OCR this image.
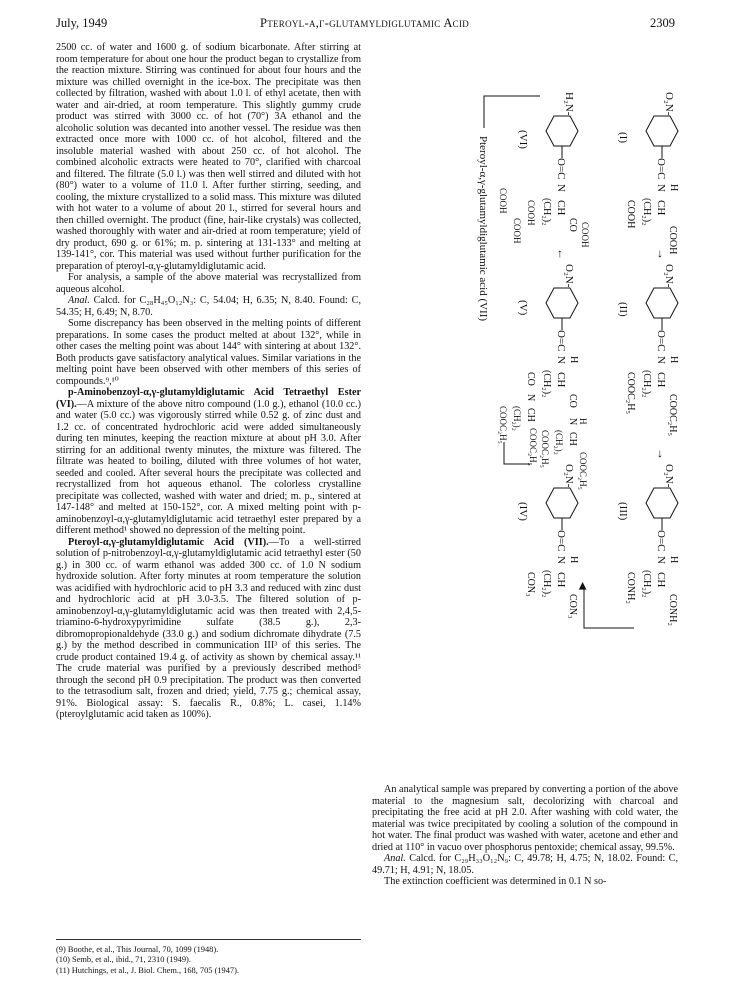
July, 1949	Pteroyl-α,γ-glutamyldiglutamic Acid	2309

2500 cc. of water and 1600 g. of sodium bicarbonate. After stirring at room temperature for about one hour the product began to crystallize from the reaction mixture. Stirring was continued for about four hours and the mixture was chilled overnight in the ice-box. The precipitate was then collected by filtration, washed with about 1.0 l. of ethyl acetate, then with water and air-dried, at room temperature. This slightly gummy crude product was stirred with 3000 cc. of hot (70°) 3A ethanol and the alcoholic solution was decanted into another vessel. The residue was then extracted once more with 1000 cc. of hot alcohol, filtered and the insoluble material washed with about 250 cc. of hot alcohol. The combined alcoholic extracts were heated to 70°, clarified with charcoal and filtered. The filtrate (5.0 l.) was then well stirred and diluted with hot (80°) water to a volume of 11.0 l. After further stirring, seeding, and cooling, the mixture crystallized to a solid mass. This mixture was diluted with hot water to a volume of about 20 l., stirred for several hours and then chilled overnight. The product (fine, hair-like crystals) was collected, washed thoroughly with water and air-dried at room temperature; yield of dry product, 690 g. or 61%; m. p. sintering at 131-133° and melting at 139-141°, cor. This material was used without further purification for the preparation of pteroyl-α,γ-glutamyldiglutamic acid.

For analysis, a sample of the above material was recrystallized from aqueous alcohol.

Anal. Calcd. for C₂₈H₄₅O₁₂N₃: C, 54.04; H, 6.35; N, 8.40. Found: C, 54.35; H, 6.49; N, 8.70.

Some discrepancy has been observed in the melting points of different preparations. In some cases the product melted at about 132°, while in other cases the melting point was about 144° with sintering at about 132°. Both products gave satisfactory analytical values. Similar variations in the melting point have been observed with other members of this series of compounds.⁹,¹⁰

p-Aminobenzoyl-α,γ-glutamyldiglutamic Acid Tetraethyl Ester (VI).—A mixture of the above nitro compound (1.0 g.), ethanol (10.0 cc.) and water (5.0 cc.) was vigorously stirred while 0.52 g. of zinc dust and 1.2 cc. of concentrated hydrochloric acid were added simultaneously during ten minutes, keeping the reaction mixture at about pH 3.0. After stirring for an additional twenty minutes, the mixture was filtered. The filtrate was heated to boiling, diluted with three volumes of hot water, seeded and cooled. After several hours the precipitate was collected and recrystallized from hot aqueous ethanol. The colorless crystalline precipitate was collected, washed with water and dried; m. p., sintered at 147-148° and melted at 150-152°, cor. A mixed melting point with p-aminobenzoyl-α,γ-glutamyldiglutamic acid tetraethyl ester prepared by a different method¹ showed no depression of the melting point.

Pteroyl-α,γ-glutamyldiglutamic Acid (VII).—To a well-stirred solution of p-nitrobenzoyl-α,γ-glutamyldiglutamic acid tetraethyl ester (50 g.) in 300 cc. of warm ethanol was added 300 cc. of 1.0 N sodium hydroxide solution. After forty minutes at room temperature the solution was acidified with hydrochloric acid to pH 3.3 and reduced with zinc dust and hydrochloric acid at pH 3.0-3.5. The filtered solution of p-aminobenzoyl-α,γ-glutamyldiglutamic acid was then treated with 2,4,5-triamino-6-hydroxypyrimidine sulfate (38.5 g.), 2,3-dibromopropionaldehyde (33.0 g.) and sodium dichromate dihydrate (7.5 g.) by the method described in communication III³ of this series. The crude product contained 19.4 g. of activity as shown by chemical assay.¹¹ The crude material was purified by a previously described method⁵ through the second pH 0.9 precipitation. The product was then converted to the tetrasodium salt, frozen and dried; yield, 7.75 g.; chemical assay, 91%. Biological assay: S. faecalis R., 0.8%; L. casei, 1.14% (pteroylglutamic acid taken as 100%).

(9) Boothe, et al., This Journal, 70, 1099 (1948).
(10) Semb, et al., ibid., 71, 2310 (1949).
(11) Hutchings, et al., J. Biol. Chem., 168, 705 (1947).
O₂N-
O=C
N H
CH
(CH₂)₂
COOH
COOH
(I)
→
O₂N-
O=C
N H
CH
(CH₂)₂
COOC₂H₅
COOC₂H₅
(II)
→
O₂N-
O=C
N H
CH
(CH₂)₂
CONH₂
CONH₂
(III)
◀
O₂N-
O=C
N H
CH
(CH₂)₂
CON₃
CON₃
(IV)
O₂N-
O=C
N H
CH
CO
N H
CH
(CH₂)₂
COOC₂H₅
COOC₂H₅
(CH₂)₂
CO
N
CH
(CH₂)₂
COOC₂H₅
COOC₂H₅
(V)
←
H₂N-
O=C
N
CH
CO
(CH₂)₂
COOH
COOH
COOH
COOH
(VI)
Pteroyl-α,γ-glutamyldiglutamic acid (VII)

An analytical sample was prepared by converting a portion of the above material to the magnesium salt, decolorizing with charcoal and precipitating the free acid at pH 2.0. After washing with cold water, the material was twice precipitated by cooling a solution of the compound in hot water. The final product was washed with water, acetone and ether and dried at 110° in vacuo over phosphorus pentoxide; chemical assay, 99.5%.

Anal. Calcd. for C₂₉H₃₃O₁₂N₉: C, 49.78; H, 4.75; N, 18.02. Found: C, 49.71; H, 4.91; N, 18.05.

The extinction coefficient was determined in 0.1 N so-
